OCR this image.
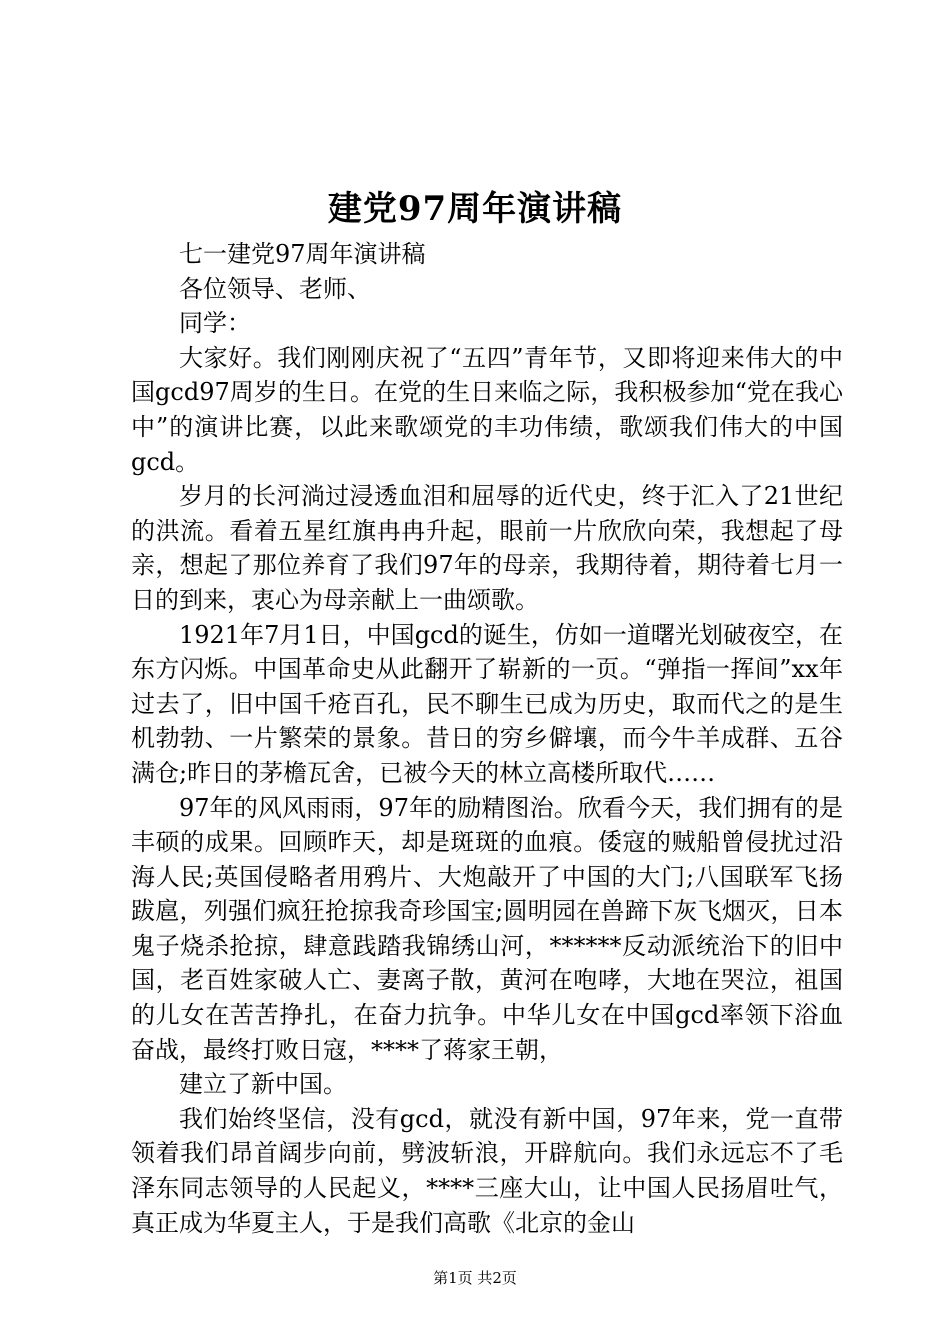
建党97周年演讲稿

七一建党97周年演讲稿

各位领导、老师、

同学：

大家好。我们刚刚庆祝了“五四”青年节，又即将迎来伟大的中国gcd97周岁的生日。在党的生日来临之际，我积极参加“党在我心中”的演讲比赛，以此来歌颂党的丰功伟绩，歌颂我们伟大的中国gcd。

岁月的长河淌过浸透血泪和屈辱的近代史，终于汇入了21世纪的洪流。看着五星红旗冉冉升起，眼前一片欣欣向荣，我想起了母亲，想起了那位养育了我们97年的母亲，我期待着，期待着七月一日的到来，衷心为母亲献上一曲颂歌。

1921年7月1日，中国gcd的诞生，仿如一道曙光划破夜空，在东方闪烁。中国革命史从此翻开了崭新的一页。“弹指一挥间”xx年过去了，旧中国千疮百孔，民不聊生已成为历史，取而代之的是生机勃勃、一片繁荣的景象。昔日的穷乡僻壤，而今牛羊成群、五谷满仓;昨日的茅檐瓦舍，已被今天的林立高楼所取代……

97年的风风雨雨，97年的励精图治。欣看今天，我们拥有的是丰硕的成果。回顾昨天，却是斑斑的血痕。倭寇的贼船曾侵扰过沿海人民;英国侵略者用鸦片、大炮敲开了中国的大门;八国联军飞扬跋扈，列强们疯狂抢掠我奇珍国宝;圆明园在兽蹄下灰飞烟灭，日本鬼子烧杀抢掠，肆意践踏我锦绣山河，******反动派统治下的旧中国，老百姓家破人亡、妻离子散，黄河在咆哮，大地在哭泣，祖国的儿女在苦苦挣扎，在奋力抗争。中华儿女在中国gcd率领下浴血奋战，最终打败日寇，****了蒋家王朝，

建立了新中国。

我们始终坚信，没有gcd，就没有新中国，97年来，党一直带领着我们昂首阔步向前，劈波斩浪，开辟航向。我们永远忘不了毛泽东同志领导的人民起义，****三座大山，让中国人民扬眉吐气，真正成为华夏主人，于是我们高歌《北京的金山

第1页 共2页
